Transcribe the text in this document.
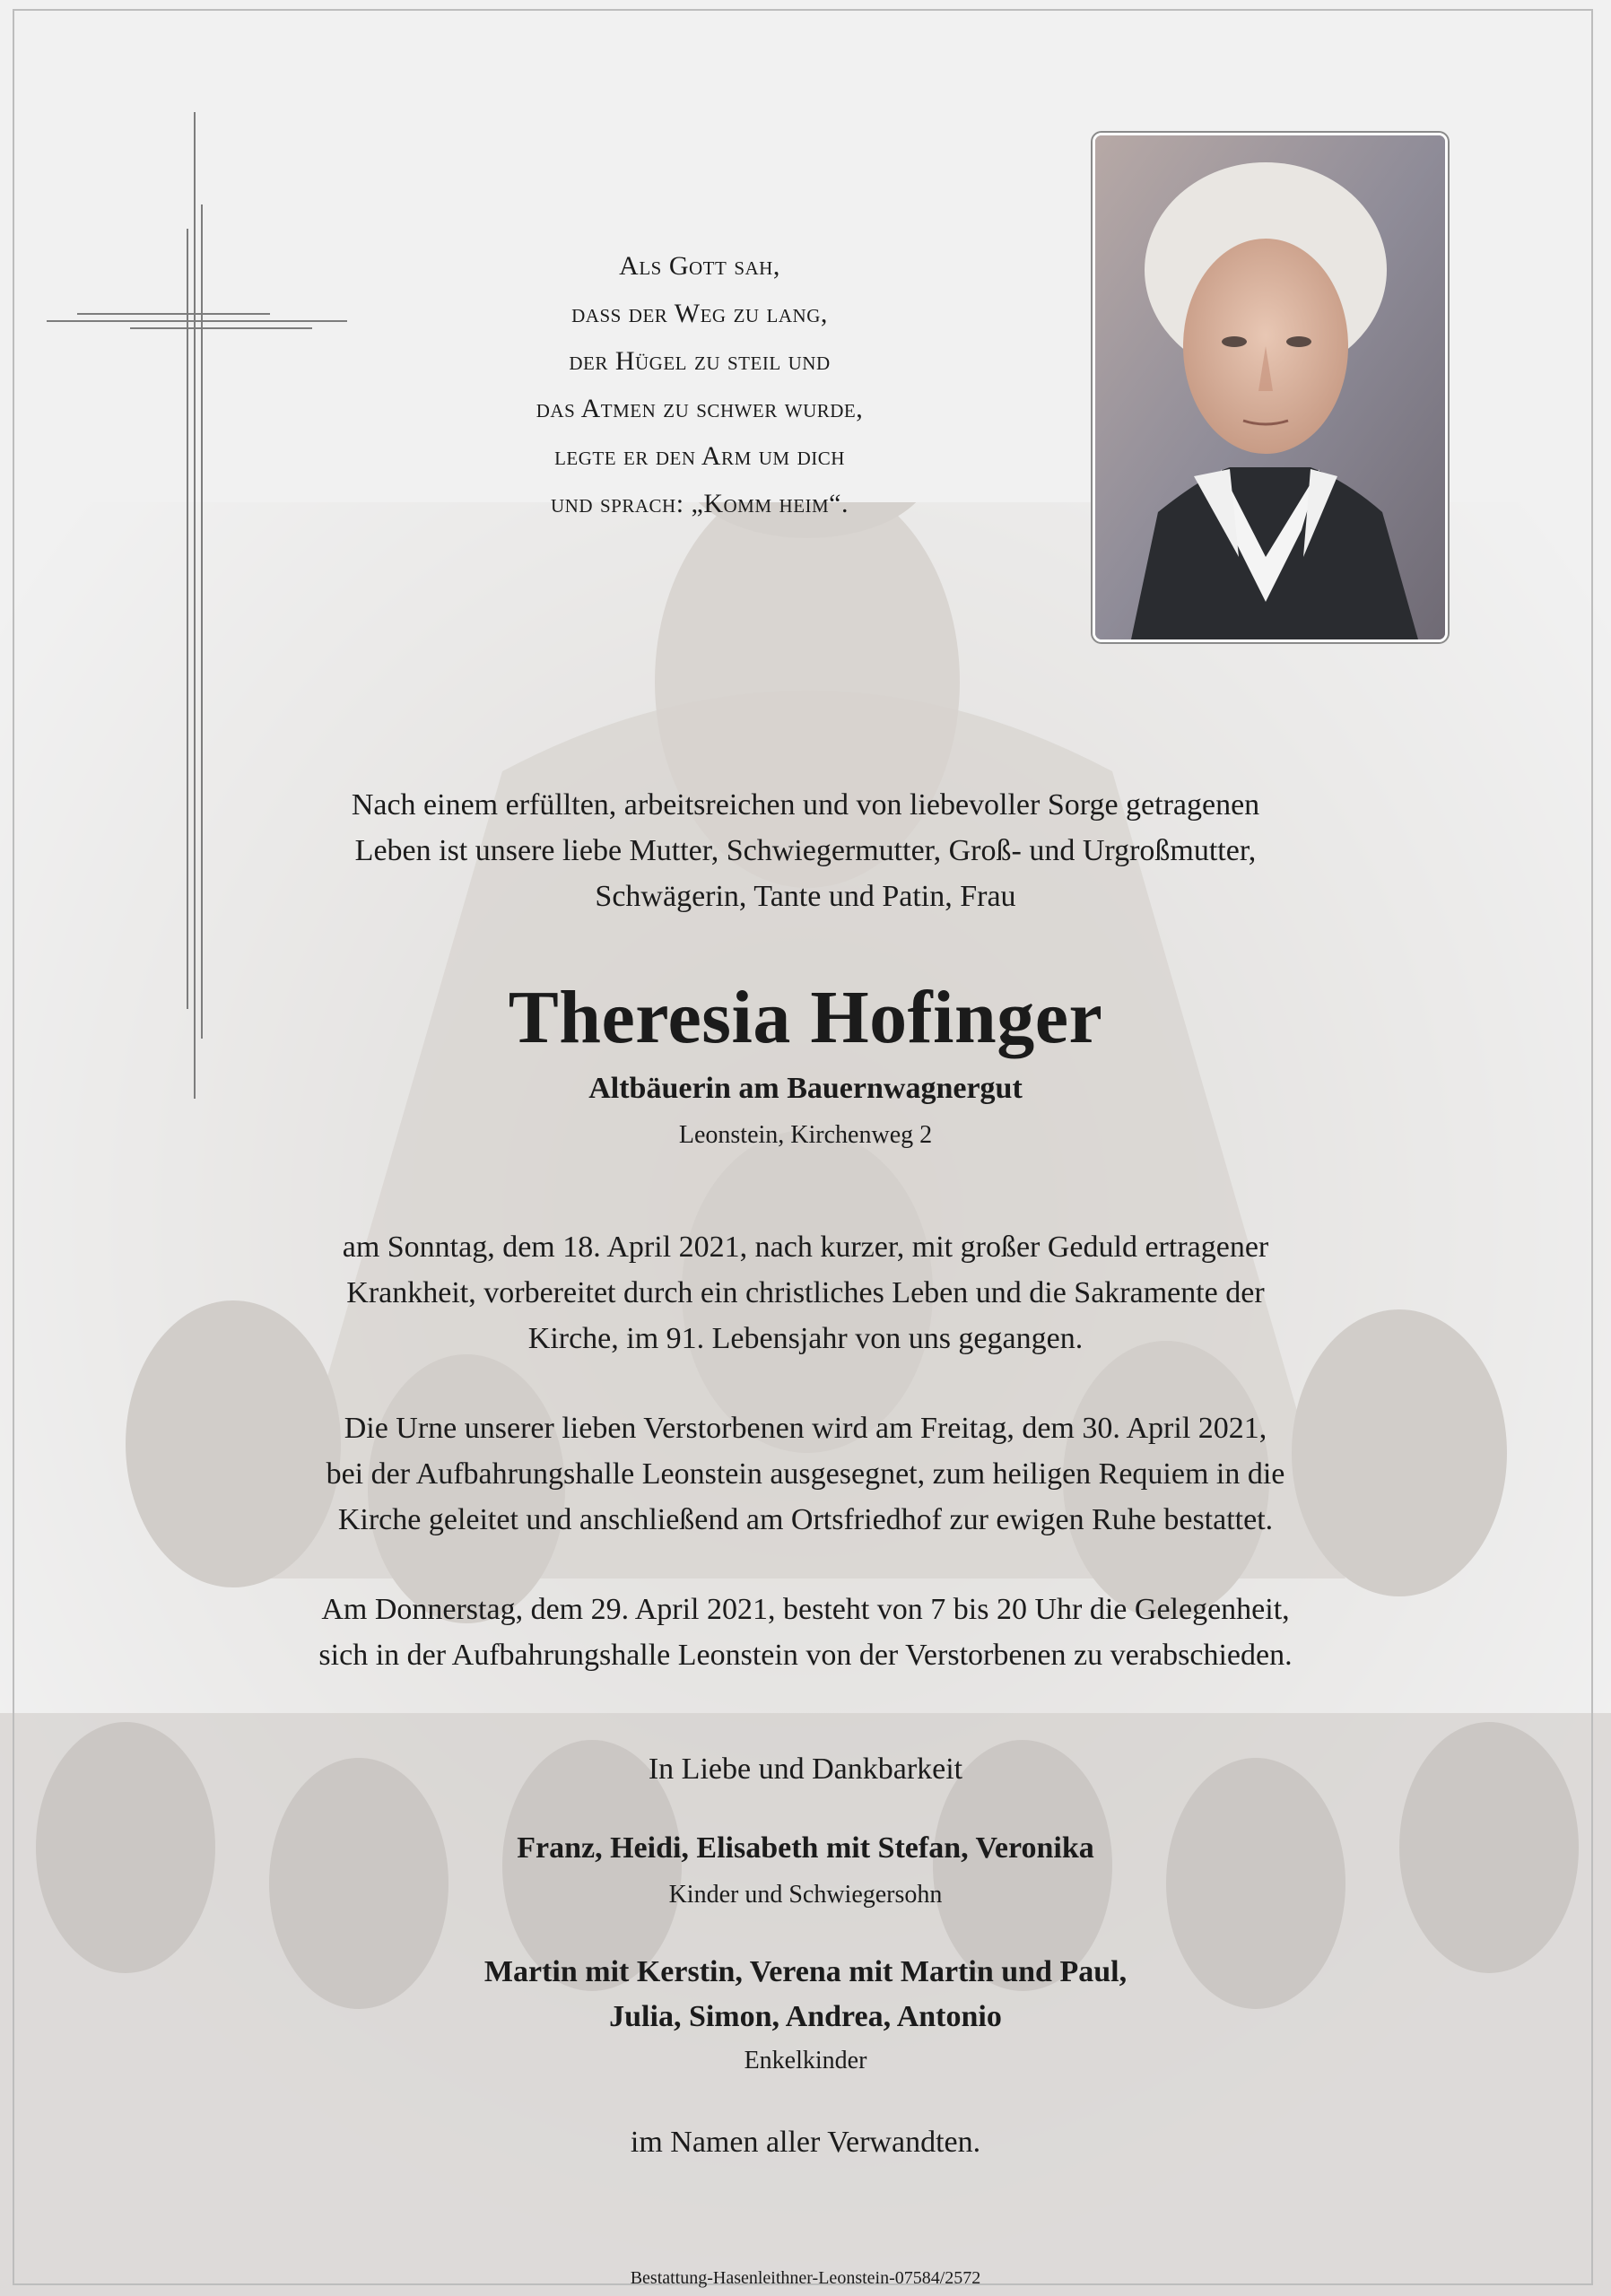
Als Gott sah,
dass der Weg zu lang,
der Hügel zu steil und
das Atmen zu schwer wurde,
legte er den Arm um dich
und sprach: „Komm heim“.
Nach einem erfüllten, arbeitsreichen und von liebevoller Sorge getragenen
Leben ist unsere liebe Mutter, Schwiegermutter, Groß- und Urgroßmutter,
Schwägerin, Tante und Patin, Frau
Theresia Hofinger
Altbäuerin am Bauernwagnergut
Leonstein, Kirchenweg 2
am Sonntag, dem 18. April 2021, nach kurzer, mit großer Geduld ertragener
Krankheit, vorbereitet durch ein christliches Leben und die Sakramente der
Kirche, im 91. Lebensjahr von uns gegangen.
Die Urne unserer lieben Verstorbenen wird am Freitag, dem 30. April 2021,
bei der Aufbahrungshalle Leonstein ausgesegnet, zum heiligen Requiem in die
Kirche geleitet und anschließend am Ortsfriedhof zur ewigen Ruhe bestattet.
Am Donnerstag, dem 29. April 2021, besteht von 7 bis 20 Uhr die Gelegenheit,
sich in der Aufbahrungshalle Leonstein von der Verstorbenen zu verabschieden.
In Liebe und Dankbarkeit
Franz, Heidi, Elisabeth mit Stefan, Veronika
Kinder und Schwiegersohn
Martin mit Kerstin, Verena mit Martin und Paul,
Julia, Simon, Andrea, Antonio
Enkelkinder
im Namen aller Verwandten.
Bestattung-Hasenleithner-Leonstein-07584/2572
